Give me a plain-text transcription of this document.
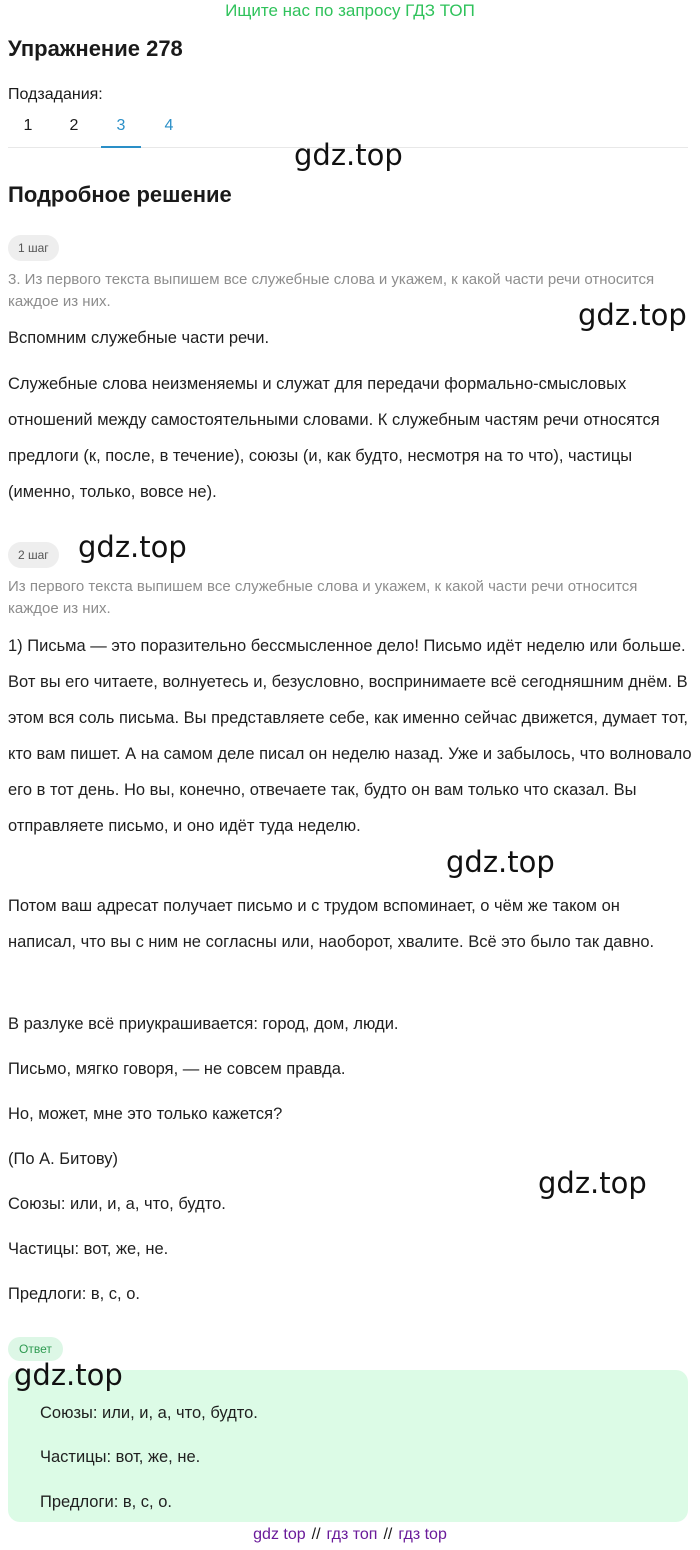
Ищите нас по запросу ГДЗ ТОП
Упражнение 278
Подзадания:
1	2	3	4
gdz.top
Подробное решение
1 шаг
3. Из первого текста выпишем все служебные слова и укажем, к какой части речи относится каждое из них.	gdz.top
Вспомним служебные части речи.
Служебные слова неизменяемы и служат для передачи формально-смысловых отношений между самостоятельными словами. К служебным частям речи относятся предлоги (к, после, в течение), союзы (и, как будто, несмотря на то что), частицы (именно, только, вовсе не).
2 шаг	gdz.top
Из первого текста выпишем все служебные слова и укажем, к какой части речи относится каждое из них.
1) Письма — это поразительно бессмысленное дело! Письмо идёт неделю или больше. Вот вы его читаете, волнуетесь и, безусловно, воспринимаете всё сегодняшним днём. В этом вся соль письма. Вы представляете себе, как именно сейчас движется, думает тот, кто вам пишет. А на самом деле писал он неделю назад. Уже и забылось, что волновало его в тот день. Но вы, конечно, отвечаете так, будто он вам только что сказал. Вы отправляете письмо, и оно идёт туда неделю.
gdz.top
Потом ваш адресат получает письмо и с трудом вспоминает, о чём же таком он написал, что вы с ним не согласны или, наоборот, хвалите. Всё это было так давно.
В разлуке всё приукрашивается: город, дом, люди.
Письмо, мягко говоря, — не совсем правда.
Но, может, мне это только кажется?
(По А. Битову)
gdz.top
Союзы: или, и, а, что, будто.
Частицы: вот, же, не.
Предлоги: в, с, о.
Ответ
Союзы: или, и, а, что, будто.
Частицы: вот, же, не.
Предлоги: в, с, о.
gdz.top
gdz top // гдз топ // гдз top
